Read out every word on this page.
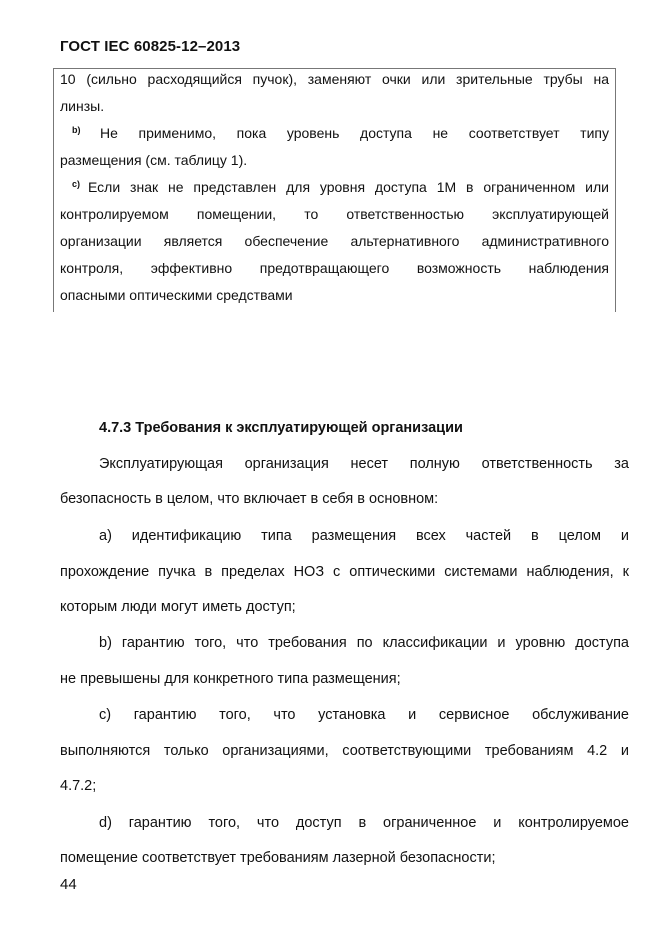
ГОСТ IEC 60825-12–2013
10 (сильно расходящийся пучок), заменяют очки или зрительные трубы на
линзы.
$^{b)}$	Не применимо, пока уровень доступа не соответствует типу
размещения (см. таблицу 1).
$^{c)}$ Если знак не представлен для уровня доступа 1М в ограниченном или
контролируемом помещении, то ответственностью эксплуатирующей
организации является обеспечение альтернативного административного
контроля, эффективно предотвращающего возможность наблюдения
опасными оптическими средствами
4.7.3 Требования к эксплуатирующей организации
Эксплуатирующая организация несет полную ответственность за
безопасность в целом, что включает в себя в основном:
а) идентификацию типа размещения всех частей в целом и
прохождение пучка в пределах НОЗ с оптическими системами наблюдения, к
которым люди могут иметь доступ;
b) гарантию того, что требования по классификации и уровню доступа
не превышены для конкретного типа размещения;
c) гарантию того, что установка и сервисное обслуживание
выполняются только организациями, соответствующими требованиям 4.2 и
4.7.2;
d) гарантию того, что доступ в ограниченное и контролируемое
помещение соответствует требованиям лазерной безопасности;
44
